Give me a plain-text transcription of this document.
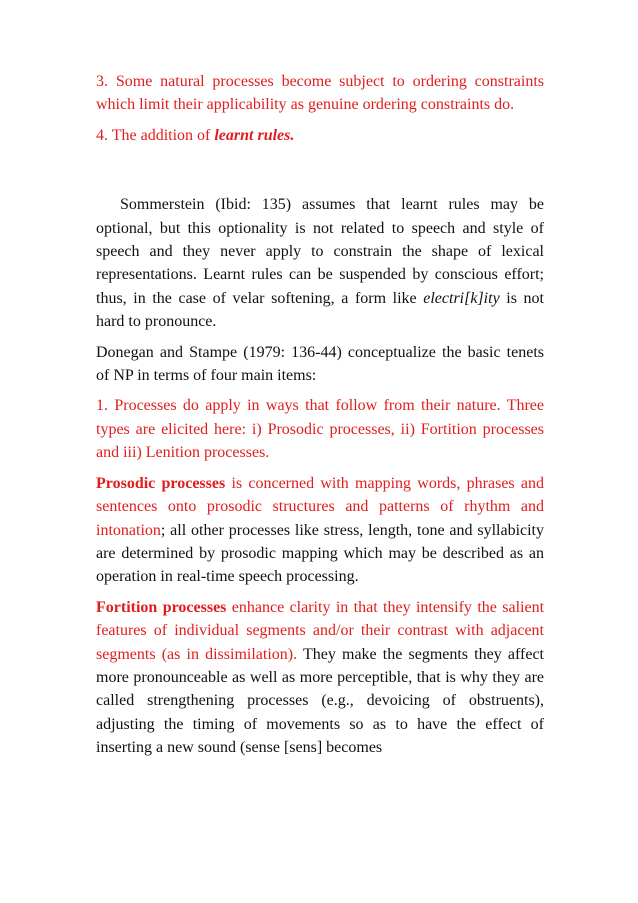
3. Some natural processes become subject to ordering constraints which limit their applicability as genuine ordering constraints do.

4. The addition of learnt rules.

Sommerstein (Ibid: 135) assumes that learnt rules may be optional, but this optionality is not related to speech and style of speech and they never apply to constrain the shape of lexical representations. Learnt rules can be suspended by conscious effort; thus, in the case of velar softening, a form like electri[k]ity is not hard to pronounce.

Donegan and Stampe (1979: 136-44) conceptualize the basic tenets of NP in terms of four main items:

1. Processes do apply in ways that follow from their nature. Three types are elicited here: i) Prosodic processes, ii) Fortition processes and iii) Lenition processes.

Prosodic processes is concerned with mapping words, phrases and sentences onto prosodic structures and patterns of rhythm and intonation; all other processes like stress, length, tone and syllabicity are determined by prosodic mapping which may be described as an operation in real-time speech processing.

Fortition processes enhance clarity in that they intensify the salient features of individual segments and/or their contrast with adjacent segments (as in dissimilation). They make the segments they affect more pronounceable as well as more perceptible, that is why they are called strengthening processes (e.g., devoicing of obstruents), adjusting the timing of movements so as to have the effect of inserting a new sound (sense [sens] becomes
